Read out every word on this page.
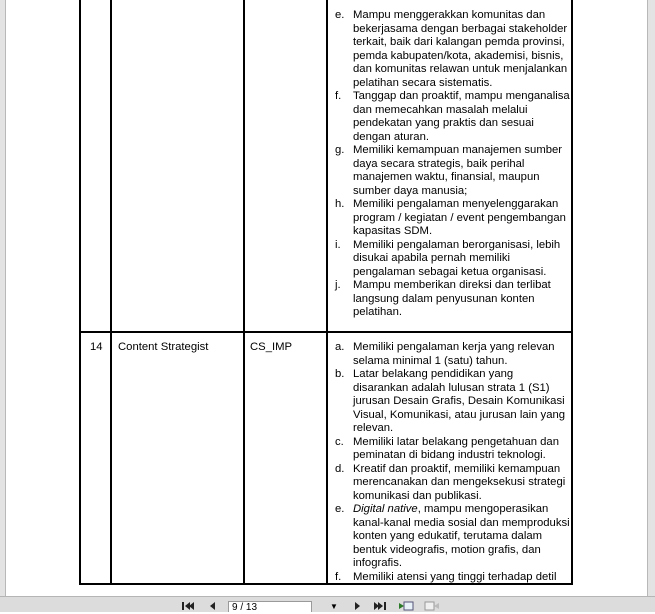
e. Mampu menggerakkan komunitas dan bekerjasama dengan berbagai stakeholder terkait, baik dari kalangan pemda provinsi, pemda kabupaten/kota, akademisi, bisnis, dan komunitas relawan untuk menjalankan pelatihan secara sistematis.
f.	Tanggap dan proaktif, mampu menganalisa dan memecahkan masalah melalui pendekatan yang praktis dan sesuai dengan aturan.
g. Memiliki kemampuan manajemen sumber daya secara strategis, baik perihal manajemen waktu, finansial, maupun sumber daya manusia;
h. Memiliki pengalaman menyelenggarakan program / kegiatan / event pengembangan kapasitas SDM.
i.	Memiliki pengalaman berorganisasi, lebih disukai apabila pernah memiliki pengalaman sebagai ketua organisasi.
j.	Mampu memberikan direksi dan terlibat langsung dalam penyusunan konten pelatihan.
14 Content Strategist	CS_IMP	a. Memiliki pengalaman kerja yang relevan selama minimal 1 (satu) tahun.
b. Latar belakang pendidikan yang disarankan adalah lulusan strata 1 (S1) jurusan Desain Grafis, Desain Komunikasi Visual, Komunikasi, atau jurusan lain yang relevan.
c. Memiliki latar belakang pengetahuan dan peminatan di bidang industri teknologi.
d. Kreatif dan proaktif, memiliki kemampuan merencanakan dan mengeksekusi strategi komunikasi dan publikasi.
e. Digital native, mampu mengoperasikan kanal-kanal media sosial dan memproduksi konten yang edukatif, terutama dalam bentuk videografis, motion grafis, dan infografis.
f.	Memiliki atensi yang tinggi terhadap detil
9 / 13	▼
